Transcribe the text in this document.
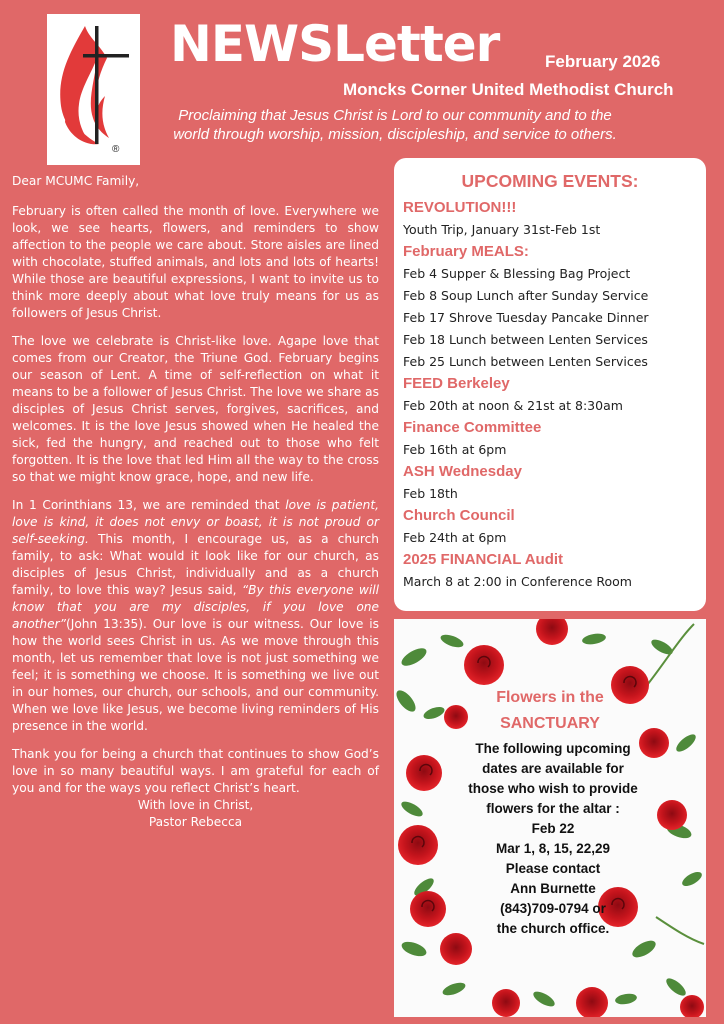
®
NEWSLetter	February 2026
Moncks Corner United Methodist Church
Proclaiming that Jesus Christ is Lord to our community and to the world through worship, mission, discipleship, and service to others.

Dear MCUMC Family,

February is often called the month of love. Everywhere we look, we see hearts, flowers, and reminders to show affection to the people we care about. Store aisles are lined with chocolate, stuffed animals, and lots and lots of hearts! While those are beautiful expressions, I want to invite us to think more deeply about what love truly means for us as followers of Jesus Christ.

The love we celebrate is Christ-like love. Agape love that comes from our Creator, the Triune God. February begins our season of Lent. A time of self-reflection on what it means to be a follower of Jesus Christ. The love we share as disciples of Jesus Christ serves, forgives, sacrifices, and welcomes. It is the love Jesus showed when He healed the sick, fed the hungry, and reached out to those who felt forgotten. It is the love that led Him all the way to the cross so that we might know grace, hope, and new life.

In 1 Corinthians 13, we are reminded that love is patient, love is kind, it does not envy or boast, it is not proud or self-seeking. This month, I encourage us, as a church family, to ask: What would it look like for our church, as disciples of Jesus Christ, individually and as a church family, to love this way? Jesus said, “By this everyone will know that you are my disciples, if you love one another”(John 13:35). Our love is our witness. Our love is how the world sees Christ in us. As we move through this month, let us remember that love is not just something we feel; it is something we choose. It is something we live out in our homes, our church, our schools, and our community. When we love like Jesus, we become living reminders of His presence in the world.

Thank you for being a church that continues to show God’s love in so many beautiful ways. I am grateful for each of you and for the ways you reflect Christ’s heart.

With love in Christ,

Pastor Rebecca

UPCOMING EVENTS:
REVOLUTION!!!
Youth Trip, January 31st-Feb 1st
February MEALS:
Feb 4 Supper & Blessing Bag Project
Feb 8 Soup Lunch after Sunday Service
Feb 17 Shrove Tuesday Pancake Dinner
Feb 18 Lunch between Lenten Services
Feb 25 Lunch between Lenten Services
FEED Berkeley
Feb 20th at noon & 21st at 8:30am
Finance Committee
Feb 16th at 6pm
ASH Wednesday
Feb 18th
Church Council
Feb 24th at 6pm
2025 FINANCIAL Audit
March 8 at 2:00 in Conference Room
Flowers in the
SANCTUARY
The following upcoming
dates are available for
those who wish to provide
flowers for the altar :
Feb 22
Mar 1, 8, 15, 22,29
Please contact
Ann Burnette
(843)709-0794 or
the church office.
